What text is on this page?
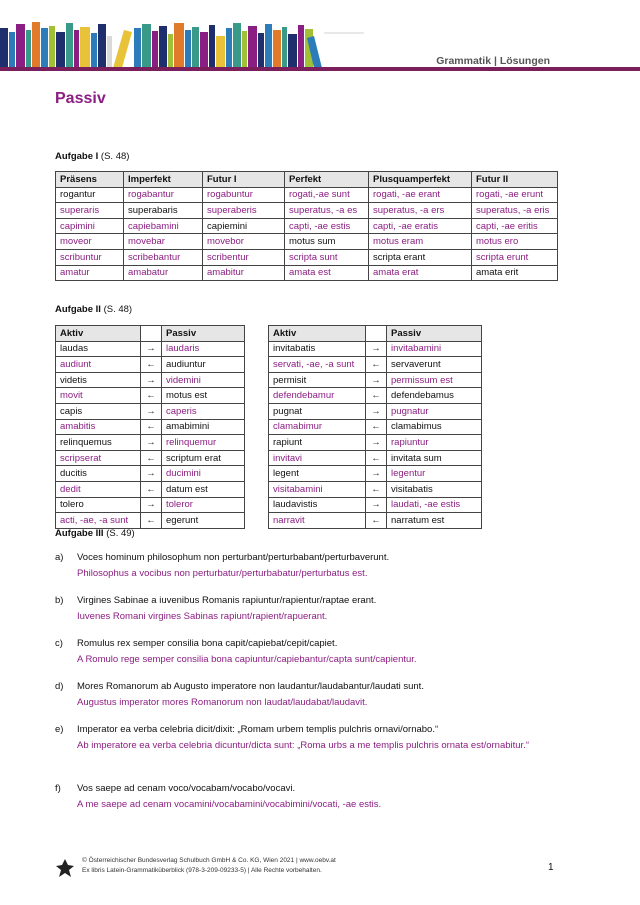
Grammatik | Lösungen
Passiv
Aufgabe I (S. 48)
Präsens	Imperfekt	Futur I	Perfekt	Plusquamperfekt	Futur II
rogantur	rogabantur	rogabuntur	rogati,-ae sunt	rogati, -ae erant	rogati, -ae erunt
superaris	superabaris	superaberis	superatus, -a es	superatus, -a ers	superatus, -a eris
capimini	capiebamini	capiemini	capti, -ae estis	capti, -ae eratis	capti, -ae eritis
moveor	movebar	movebor	motus sum	motus eram	motus ero
scribuntur	scribebantur	scribentur	scripta sunt	scripta erant	scripta erunt
amatur	amabatur	amabitur	amata est	amata erat	amata erit
Aufgabe II (S. 48)
Aktiv		Passiv
laudas	→	laudaris
audiunt	←	audiuntur
videtis	→	videmini
movit	←	motus est
capis	→	caperis
amabitis	←	amabimini
relinquemus	→	relinquemur
scripserat	←	scriptum erat
ducitis	→	ducimini
dedit	←	datum est
tolero	→	toleror
acti, -ae, -a sunt	←	egerunt
Aktiv		Passiv
invitabatis	→	invitabamini
servati, -ae, -a sunt	←	servaverunt
permisit	→	permissum est
defendebamur	←	defendebamus
pugnat	→	pugnatur
clamabimur	←	clamabimus
rapiunt	→	rapiuntur
invitavi	←	invitata sum
legent	→	legentur
visitabamini	←	visitabatis
laudavistis	→	laudati, -ae estis
narravit	←	narratum est
Aufgabe III (S. 49)
a) Voces hominum philosophum non perturbant/perturbabant/perturbaverunt.
Philosophus a vocibus non perturbatur/perturbabatur/perturbatus est.
b) Virgines Sabinae a iuvenibus Romanis rapiuntur/rapientur/raptae erant.
Iuvenes Romani virgines Sabinas rapiunt/rapient/rapuerant.
c) Romulus rex semper consilia bona capit/capiebat/cepit/capiet.
A Romulo rege semper consilia bona capiuntur/capiebantur/capta sunt/capientur.
d) Mores Romanorum ab Augusto imperatore non laudantur/laudabantur/laudati sunt.
Augustus imperator mores Romanorum non laudat/laudabat/laudavit.
e) Imperator ea verba celebria dicit/dixit: „Romam urbem templis pulchris ornavi/ornabo.“
Ab imperatore ea verba celebria dicuntur/dicta sunt: „Roma urbs a me templis pulchris ornata est/ornabitur.“
f) Vos saepe ad cenam voco/vocabam/vocabo/vocavi.
A me saepe ad cenam vocamini/vocabamini/vocabimini/vocati, -ae estis.
© Österreichischer Bundesverlag Schulbuch GmbH & Co. KG, Wien 2021 | www.oebv.at
Ex libris Latein-Grammatiküberblick (978-3-209-09233-5) | Alle Rechte vorbehalten.	1
